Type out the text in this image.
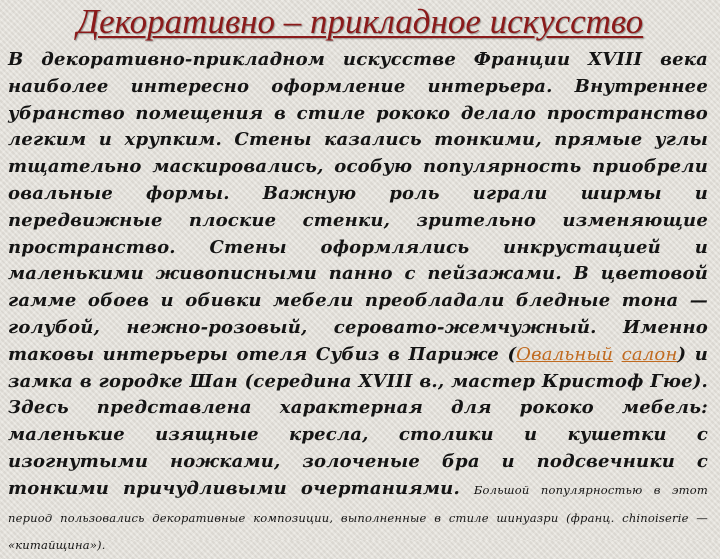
Декоративно – прикладное искусство
В декоративно-прикладном искусстве Франции XVIII века наиболее интересно оформление интерьера. Внутреннее убранство помещения в стиле рококо делало пространство легким и хрупким. Стены казались тонкими, прямые углы тщательно маскировались, особую популярность приобрели овальные формы. Важную роль играли ширмы и передвижные плоские стенки, зрительно изменяющие пространство. Стены оформлялись инкрустацией и маленькими живописными панно с пейзажами. В цветовой гамме обоев и обивки мебели преобладали бледные тона — голубой, нежно-розовый, серовато-жемчужный. Именно таковы интерьеры отеля Субиз в Париже (Овальный салон) и замка в городке Шан (середина XVIII в., мастер Кристоф Гюе). Здесь представлена характерная для рококо мебель: маленькие изящные кресла, столики и кушетки с изогнутыми ножками, золоченые бра и подсвечники с тонкими причудливыми очертаниями. Большой популярностью в этот период пользовались декоративные композиции, выполненные в стиле шинуазри (франц. chinoiserie — «китайщина»).
